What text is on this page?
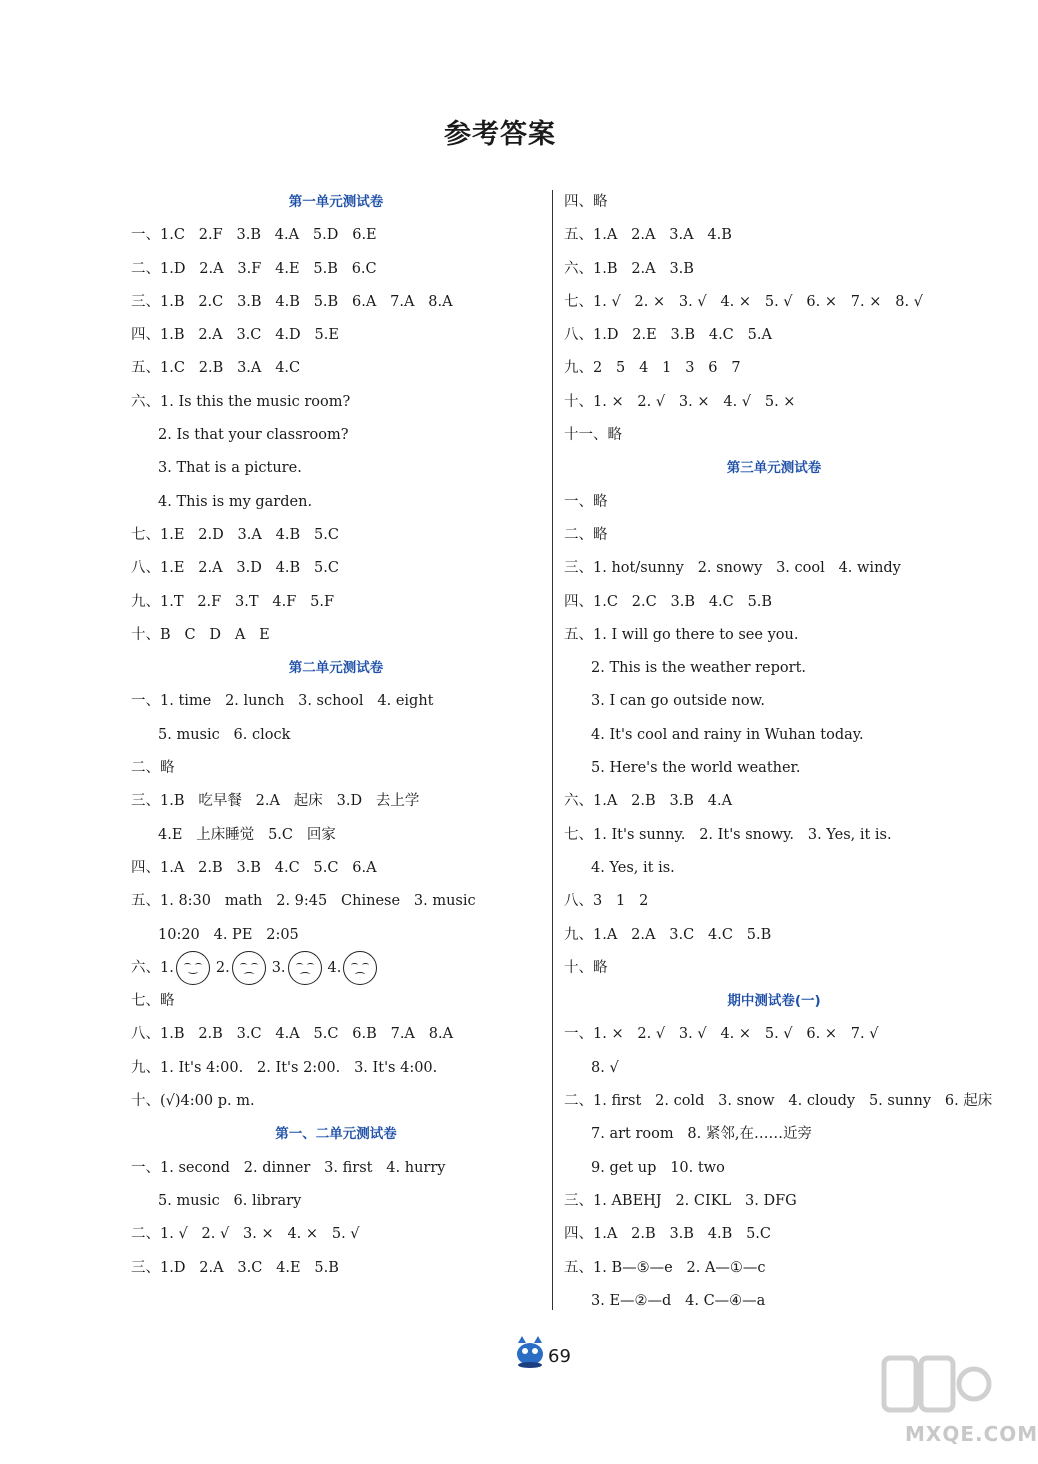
参考答案
第一单元测试卷
一、1.C   2.F   3.B   4.A   5.D   6.E
二、1.D   2.A   3.F   4.E   5.B   6.C
三、1.B   2.C   3.B   4.B   5.B   6.A   7.A   8.A
四、1.B   2.A   3.C   4.D   5.E
五、1.C   2.B   3.A   4.C
六、1. Is this the music room?
2. Is that your classroom?
3. That is a picture.
4. This is my garden.
七、1.E   2.D   3.A   4.B   5.C
八、1.E   2.A   3.D   4.B   5.C
九、1.T   2.F   3.T   4.F   5.F
十、B   C   D   A   E
第二单元测试卷
一、1. time   2. lunch   3. school   4. eight
5. music   6. clock
二、略
三、1.B   吃早餐   2.A   起床   3.D   去上学
4.E   上床睡觉   5.C   回家
四、1.A   2.B   3.B   4.C   5.C   6.A
五、1. 8:30   math   2. 9:45   Chinese   3. music
10:20   4. PE   2:05
六、1.	2.	3.	4.
七、略
八、1.B   2.B   3.C   4.A   5.C   6.B   7.A   8.A
九、1. It's 4:00.   2. It's 2:00.   3. It's 4:00.
十、(√)4:00 p. m.
第一、二单元测试卷
一、1. second   2. dinner   3. first   4. hurry
5. music   6. library
二、1. √   2. √   3. ×   4. ×   5. √
三、1.D   2.A   3.C   4.E   5.B
四、略
五、1.A   2.A   3.A   4.B
六、1.B   2.A   3.B
七、1. √   2. ×   3. √   4. ×   5. √   6. ×   7. ×   8. √
八、1.D   2.E   3.B   4.C   5.A
九、2   5   4   1   3   6   7
十、1. ×   2. √   3. ×   4. √   5. ×
十一、略
第三单元测试卷
一、略
二、略
三、1. hot/sunny   2. snowy   3. cool   4. windy
四、1.C   2.C   3.B   4.C   5.B
五、1. I will go there to see you.
2. This is the weather report.
3. I can go outside now.
4. It's cool and rainy in Wuhan today.
5. Here's the world weather.
六、1.A   2.B   3.B   4.A
七、1. It's sunny.   2. It's snowy.   3. Yes, it is.
4. Yes, it is.
八、3   1   2
九、1.A   2.A   3.C   4.C   5.B
十、略
期中测试卷(一)
一、1. ×   2. √   3. √   4. ×   5. √   6. ×   7. √
8. √
二、1. first   2. cold   3. snow   4. cloudy   5. sunny   6. 起床
7. art room   8. 紧邻,在……近旁
9. get up   10. two
三、1. ABEHJ   2. CIKL   3. DFG
四、1.A   2.B   3.B   4.B   5.C
五、1. B—⑤—e   2. A—①—c
3. E—②—d   4. C—④—a
69
MXQE.COM
